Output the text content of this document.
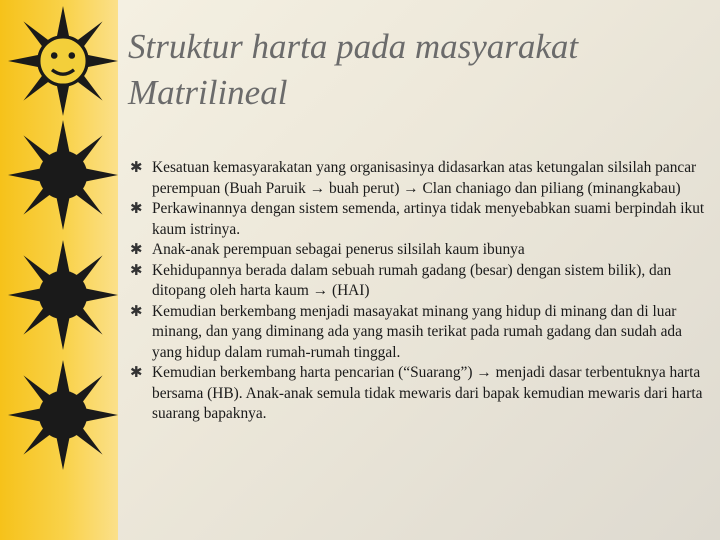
Struktur harta pada masyarakat
Matrilineal
✱ Kesatuan kemasyarakatan yang organisasinya didasarkan atas ketungalan silsilah pancar perempuan (Buah Paruik → buah perut) → Clan chaniago dan piliang (minangkabau)
✱ Perkawinannya dengan sistem semenda, artinya tidak menyebabkan suami berpindah ikut kaum istrinya.
✱ Anak-anak perempuan sebagai penerus silsilah kaum ibunya
✱ Kehidupannya berada dalam sebuah rumah gadang (besar) dengan sistem bilik), dan ditopang oleh harta kaum → (HAI)
✱ Kemudian berkembang menjadi masayakat minang yang hidup di minang dan di luar minang, dan yang diminang ada yang masih terikat pada rumah gadang dan sudah ada yang hidup dalam rumah-rumah tinggal.
✱ Kemudian berkembang harta pencarian (“Suarang”) → menjadi dasar terbentuknya harta bersama (HB). Anak-anak semula tidak mewaris dari bapak kemudian mewaris dari harta suarang bapaknya.
